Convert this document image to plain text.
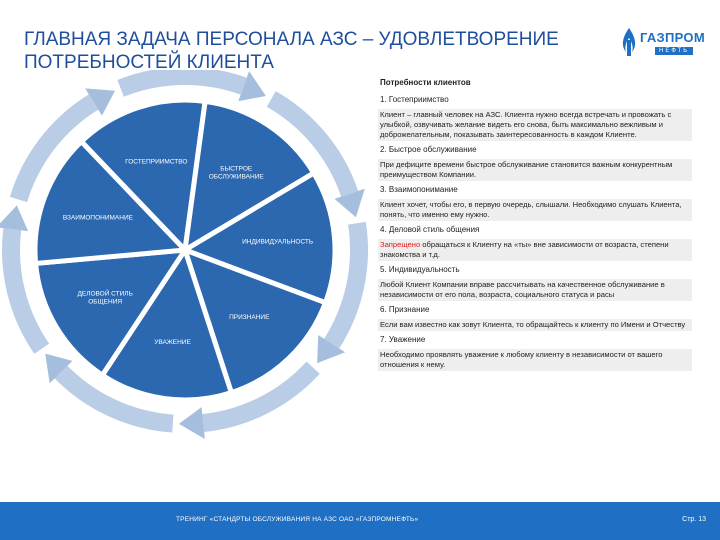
ГЛАВНАЯ ЗАДАЧА ПЕРСОНАЛА АЗС – УДОВЛЕТВОРЕНИЕ
ПОТРЕБНОСТЕЙ КЛИЕНТА
ГАЗПРОМ
НЕФТЬ
ГОСТЕПРИИМСТВО
БЫСТРОЕ ОБСЛУЖИВАНИЕ
ИНДИВИДУАЛЬНОСТЬ
ПРИЗНАНИЕ
УВАЖЕНИЕ
ДЕЛОВОЙ СТИЛЬ ОБЩЕНИЯ
ВЗАИМОПОНИМАНИЕ
Потребности клиентов
1. Гостеприимство
Клиент – главный человек на АЗС. Клиента нужно всегда встречать и провожать с улыбкой, озвучивать желание видеть его снова, быть максимально вежливым и доброжелательным, показывать заинтересованность в каждом Клиенте.
2. Быстрое обслуживание
При дефиците времени быстрое обслуживание становится важным конкурентным преимуществом Компании.
3. Взаимопонимание
Клиент хочет, чтобы его, в первую очередь, слышали. Необходимо слушать Клиента, понять, что именно ему нужно.
4. Деловой стиль общения
Запрещено обращаться к Клиенту на «ты» вне зависимости от возраста, степени знакомства и т.д.
5. Индивидуальность
Любой Клиент Компании вправе рассчитывать на качественное обслуживание в независимости от его пола, возраста, социального статуса и расы
6. Признание
Если вам известно как зовут Клиента, то обращайтесь к клиенту по Имени и Отчеству
7. Уважение
Необходимо проявлять уважение к любому клиенту в независимости от вашего отношения к нему.
ТРЕНИНГ «СТАНДРТЫ ОБСЛУЖИВАНИЯ НА АЗС ОАО «ГАЗПРОМНЕФТЬ»	Стр. 13
